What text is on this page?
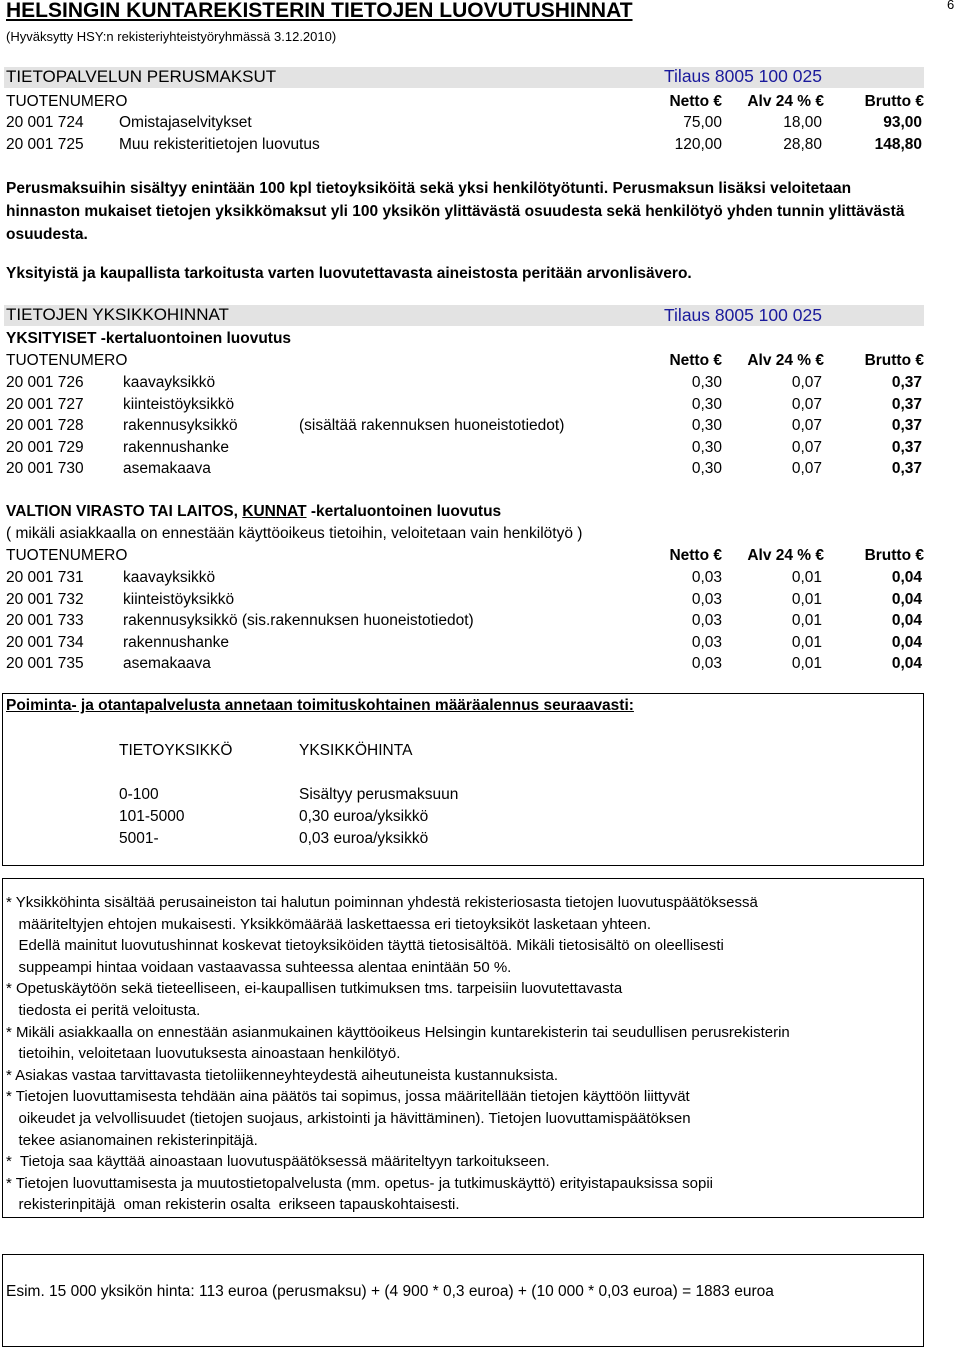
HELSINGIN KUNTAREKISTERIN TIETOJEN LUOVUTUSHINNAT
(Hyväksytty HSY:n rekisteriyhteistyöryhmässä 3.12.2010)
6
TIETOPALVELUN PERUSMAKSUT	Tilaus 8005 100 025
TUOTENUMERO	Netto €	Alv 24 % €	Brutto €
20 001 724 Omistajaselvitykset	75,00	18,00	93,00
20 001 725 Muu rekisteritietojen luovutus	120,00	28,80	148,80
Perusmaksuihin sisältyy enintään 100 kpl tietoyksiköitä sekä yksi henkilötyötunti. Perusmaksun lisäksi veloitetaan hinnaston mukaiset tietojen yksikkömaksut yli 100 yksikön ylittävästä osuudesta sekä henkilötyö yhden tunnin ylittävästä osuudesta.
Yksityistä ja kaupallista tarkoitusta varten luovutettavasta aineistosta peritään arvonlisävero.
TIETOJEN YKSIKKOHINNAT	Tilaus 8005 100 025
YKSITYISET -kertaluontoinen luovutus
TUOTENUMERO	Netto €	Alv 24 % €	Brutto €
20 001 726	kaavayksikkö	0,30	0,07	0,37
20 001 727	kiinteistöyksikkö	0,30	0,07	0,37
20 001 728	rakennusyksikkö	(sisältää rakennuksen huoneistotiedot)	0,30	0,07	0,37
20 001 729	rakennushanke	0,30	0,07	0,37
20 001 730	asemakaava	0,30	0,07	0,37
VALTION VIRASTO TAI LAITOS, KUNNAT -kertaluontoinen luovutus
( mikäli asiakkaalla on ennestään käyttöoikeus tietoihin, veloitetaan vain henkilötyö )
TUOTENUMERO	Netto €	Alv 24 % €	Brutto €
20 001 731	kaavayksikkö	0,03	0,01	0,04
20 001 732	kiinteistöyksikkö	0,03	0,01	0,04
20 001 733	rakennusyksikkö (sis.rakennuksen huoneistotiedot)	0,03	0,01	0,04
20 001 734	rakennushanke	0,03	0,01	0,04
20 001 735	asemakaava	0,03	0,01	0,04
Poiminta- ja otantapalvelusta annetaan toimituskohtainen määräalennus seuraavasti:
TIETOYKSIKKÖ	YKSIKKÖHINTA
0-100	Sisältyy perusmaksuun
101-5000	0,30 euroa/yksikkö
5001-	0,03 euroa/yksikkö
* Yksikköhinta sisältää perusaineiston tai halutun poiminnan yhdestä rekisteriosasta tietojen luovutuspäätöksessä
määriteltyjen ehtojen mukaisesti. Yksikkömäärää laskettaessa eri tietoyksiköt lasketaan yhteen.
Edellä mainitut luovutushinnat koskevat tietoyksiköiden täyttä tietosisältöä. Mikäli tietosisältö on oleellisesti
suppeampi hintaa voidaan vastaavassa suhteessa alentaa enintään 50 %.
* Opetuskäytöön sekä tieteelliseen, ei-kaupallisen tutkimuksen tms. tarpeisiin luovutettavasta
tiedosta ei peritä veloitusta.
* Mikäli asiakkaalla on ennestään asianmukainen käyttöoikeus Helsingin kuntarekisterin tai seudullisen perusrekisterin
tietoihin, veloitetaan luovutuksesta ainoastaan henkilötyö.
* Asiakas vastaa tarvittavasta tietoliikenneyhteydestä aiheutuneista kustannuksista.
* Tietojen luovuttamisesta tehdään aina päätös tai sopimus, jossa määritellään tietojen käyttöön liittyvät
oikeudet ja velvollisuudet (tietojen suojaus, arkistointi ja hävittäminen). Tietojen luovuttamispäätöksen
tekee asianomainen rekisterinpitäjä.
*  Tietoja saa käyttää ainoastaan luovutuspäätöksessä määriteltyyn tarkoitukseen.
* Tietojen luovuttamisesta ja muutostietopalvelusta (mm. opetus- ja tutkimuskäyttö) erityistapauksissa sopii
rekisterinpitäjä  oman rekisterin osalta  erikseen tapauskohtaisesti.
Esim. 15 000 yksikön hinta: 113 euroa (perusmaksu) + (4 900 * 0,3 euroa) + (10 000 * 0,03 euroa) = 1883 euroa
